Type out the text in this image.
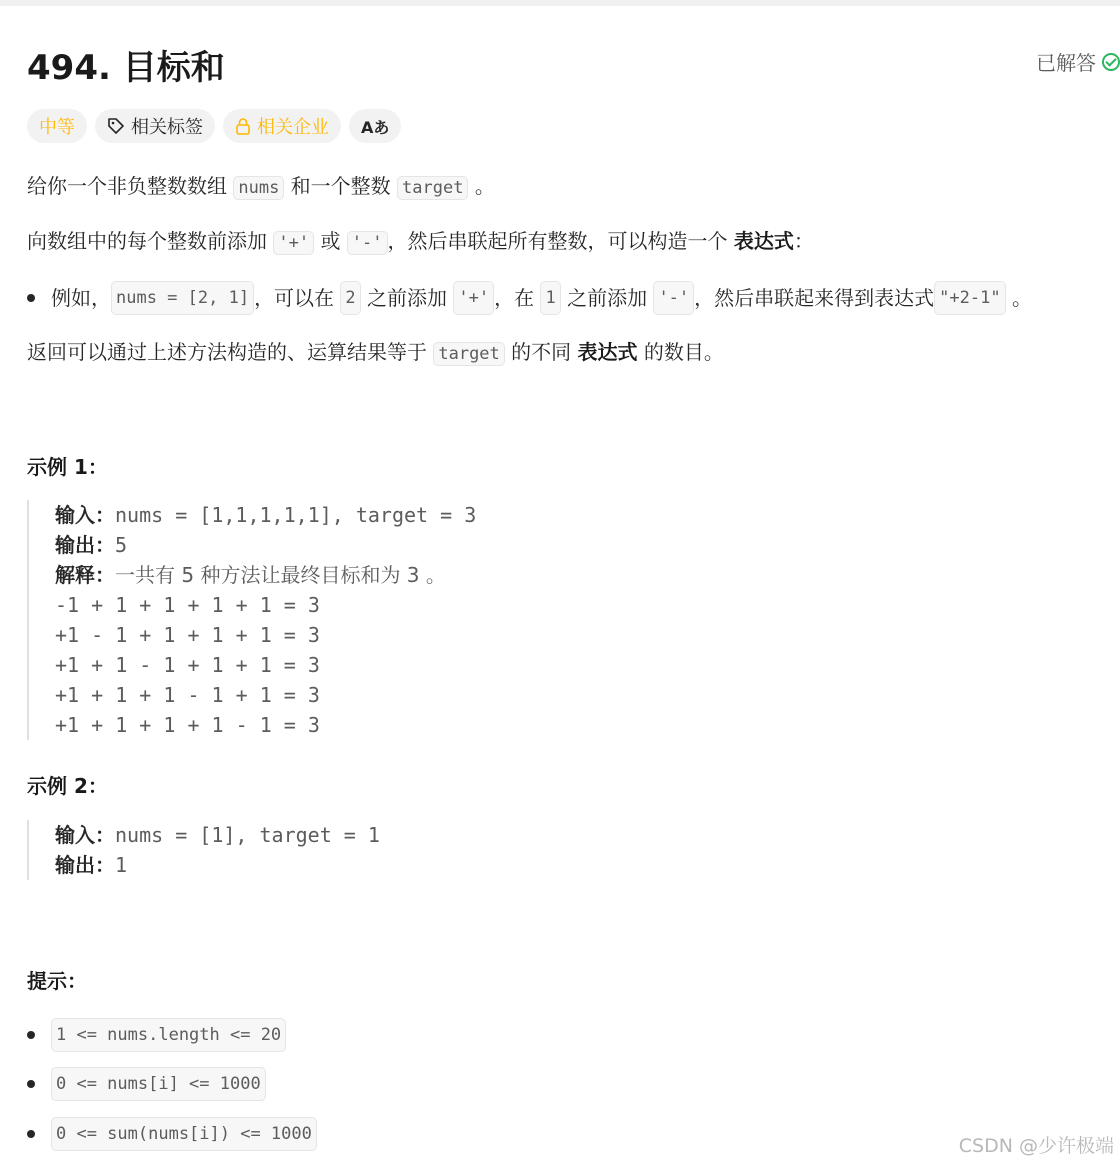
494. 目标和	已解答
中等	相关标签	相关企业 Aあ
给你一个非负整数数组 nums 和一个整数 target 。
向数组中的每个整数前添加 '+' 或 '-' ，然后串联起所有整数，可以构造一个 表达式：
例如， nums = [2, 1] ，可以在
2
之前添加
'+' ，在
1
之前添加
'-' ，然后串联起来得到表达式 "+2-1"
。
返回可以通过上述方法构造的、运算结果等于 target 的不同 表达式 的数目。
示例 1：
输入：nums = [1,1,1,1,1], target = 3
输出：5
解释：一共有 5 种方法让最终目标和为 3 。
-1 + 1 + 1 + 1 + 1 = 3
+1 - 1 + 1 + 1 + 1 = 3
+1 + 1 - 1 + 1 + 1 = 3
+1 + 1 + 1 - 1 + 1 = 3
+1 + 1 + 1 + 1 - 1 = 3
示例 2：
输入：nums = [1], target = 1
输出：1
提示：
1 <= nums.length <= 20
0 <= nums[i] <= 1000
0 <= sum(nums[i]) <= 1000
CSDN @少许极端
